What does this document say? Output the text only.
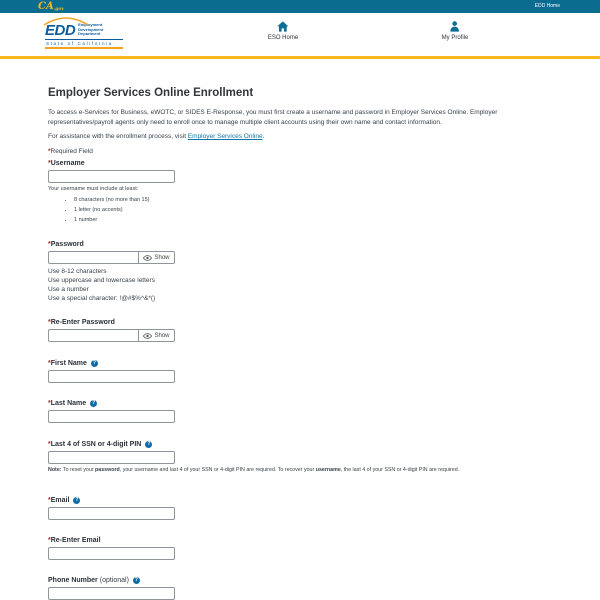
CA.gov
EDD Home
EDD Employment
Development
Department
State of California
ESO Home	My Profile
Employer Services Online Enrollment

To access e-Services for Business, eWOTC, or SIDES E-Response, you must first create a username and password in Employer Services Online. Employer representatives/payroll agents only need to enroll once to manage multiple client accounts using their own name and contact information.

For assistance with the enrollment process, visit Employer Services Online.

*Required Field

*Username
Your username must include at least:
• 8 characters (no more than 15)
• 1 letter (no accents)
• 1 number
*Password
Show
Use 8-12 characters
Use uppercase and lowercase letters
Use a number
Use a special character: !@#$%^&*()
*Re-Enter Password
Show
*First Name ?
*Last Name ?
*Last 4 of SSN or 4-digit PIN ?
Note: To reset your password, your username and last 4 of your SSN or 4-digit PIN are required. To recover your username, the last 4 of your SSN or 4-digit PIN are required.
*Email ?
*Re-Enter Email
Phone Number (optional) ?
